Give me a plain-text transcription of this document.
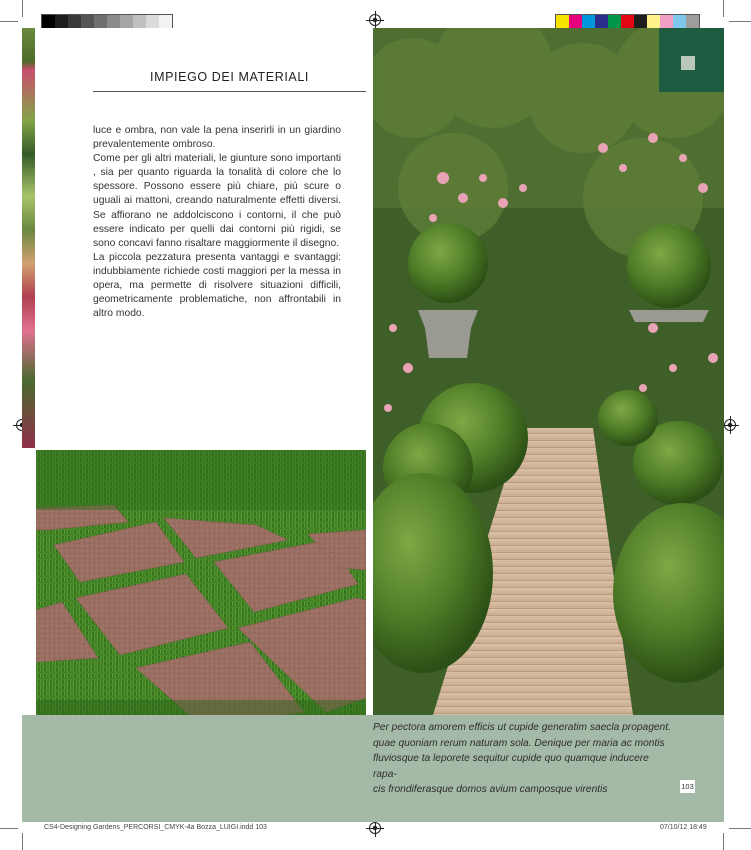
IMPIEGO DEI MATERIALI

luce e ombra, non vale la pena inserirli in un giardino prevalentemente ombroso.

Come per gli altri materiali, le giunture sono importanti , sia per quanto riguarda la tonalità di colore che lo spessore. Possono essere più chiare, più scure o uguali ai mattoni, creando naturalmente effetti diversi. Se affiorano ne addolciscono i contorni, il che può essere indicato per quelli dai contorni più rigidi, se sono concavi fanno risaltare maggiormente il disegno.

La piccola pezzatura presenta vantaggi e svantaggi: indubbiamente richiede costi maggiori per la messa in opera, ma permette di risolvere situazioni difficili, geometricamente problematiche, non affrontabili in altro modo.

Per pectora amorem efficis ut cupide generatim saecla propagent.

quae quoniam rerum naturam sola. Denique per maria ac montis

fluviosque ta leporete sequitur cupide quo quamque inducere rapa-

cis frondiferasque domos avium camposque virentis	103
CS4-Designing Gardens_PERCORSI_CMYK-4a Bozza_LUIGI.indd 103	07/10/12 18:49
